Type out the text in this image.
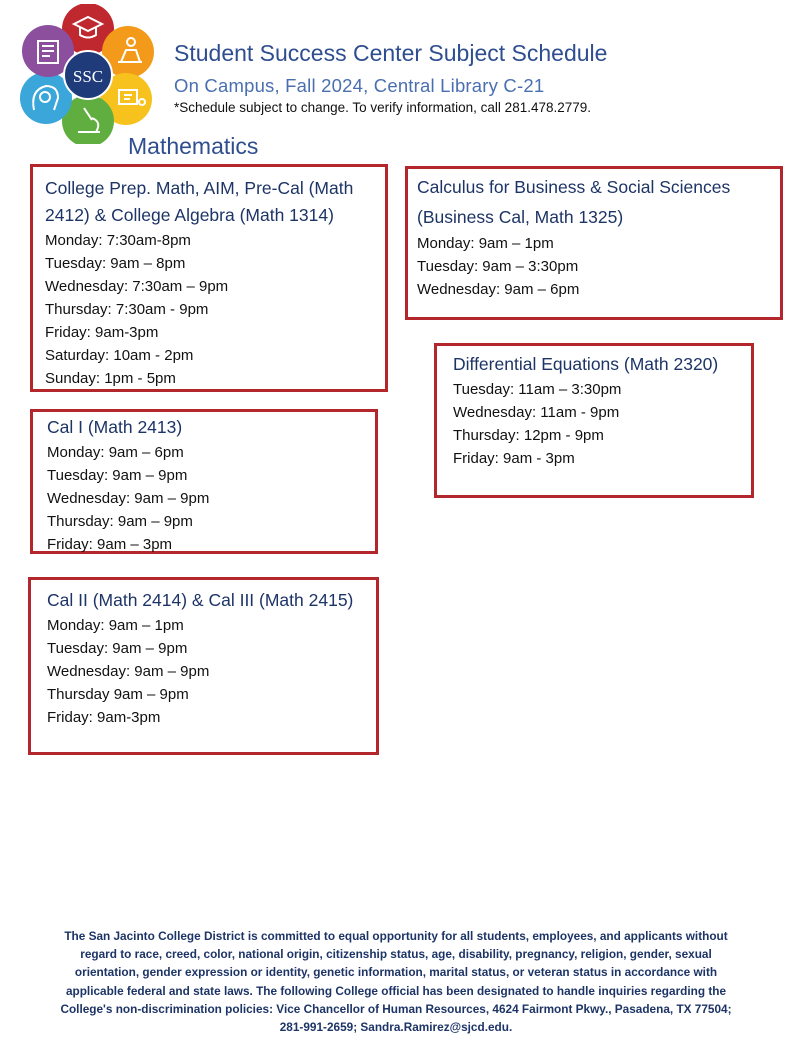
SSC
Student Success Center Subject Schedule
On Campus, Fall 2024, Central Library C-21
*Schedule subject to change. To verify information, call 281.478.2779.
Mathematics
College Prep. Math, AIM, Pre-Cal (Math
2412) & College Algebra (Math 1314)
Monday: 7:30am-8pm
Tuesday: 9am – 8pm
Wednesday: 7:30am – 9pm
Thursday: 7:30am - 9pm
Friday: 9am-3pm
Saturday: 10am - 2pm
Sunday: 1pm - 5pm
Calculus for Business & Social Sciences
(Business Cal, Math 1325)
Monday: 9am – 1pm
Tuesday: 9am – 3:30pm
Wednesday: 9am – 6pm
Differential Equations (Math 2320)
Tuesday: 11am – 3:30pm
Wednesday: 11am - 9pm
Thursday: 12pm - 9pm
Friday: 9am - 3pm
Cal I (Math 2413)
Monday: 9am – 6pm
Tuesday: 9am – 9pm
Wednesday: 9am – 9pm
Thursday: 9am – 9pm
Friday: 9am – 3pm
Cal II (Math 2414) & Cal III (Math 2415)
Monday: 9am – 1pm
Tuesday: 9am – 9pm
Wednesday: 9am – 9pm
Thursday 9am – 9pm
Friday: 9am-3pm

The San Jacinto College District is committed to equal opportunity for all students, employees, and applicants without
regard to race, creed, color, national origin, citizenship status, age, disability, pregnancy, religion, gender, sexual
orientation, gender expression or identity, genetic information, marital status, or veteran status in accordance with
applicable federal and state laws. The following College official has been designated to handle inquiries regarding the
College's non-discrimination policies: Vice Chancellor of Human Resources, 4624 Fairmont Pkwy., Pasadena, TX 77504;
281-991-2659; Sandra.Ramirez@sjcd.edu.
